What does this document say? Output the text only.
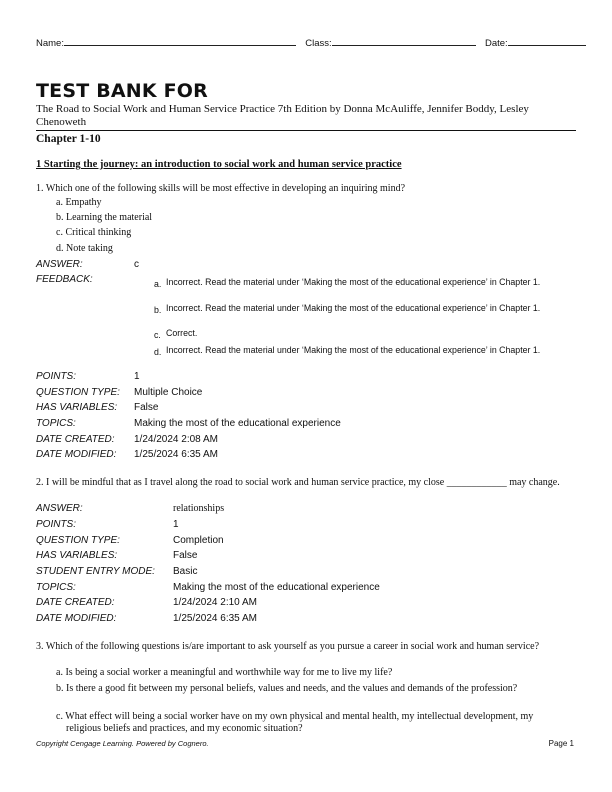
Name:	Class:	Date:
TEST BANK FOR
The Road to Social Work and Human Service Practice 7th Edition by Donna McAuliffe, Jennifer Boddy, Lesley Chenoweth
Chapter 1-10
1 Starting the journey: an introduction to social work and human service practice
1. Which one of the following skills will be most effective in developing an inquiring mind?
a. Empathy
b. Learning the material
c. Critical thinking
d. Note taking
ANSWER:	c
FEEDBACK:	a. Incorrect. Read the material under ‘Making the most of the educational experience’ in Chapter 1.
b. Incorrect. Read the material under ‘Making the most of the educational experience’ in Chapter 1.
c. Correct.
d. Incorrect. Read the material under ‘Making the most of the educational experience’ in Chapter 1.
POINTS:	1
QUESTION TYPE: Multiple Choice
HAS VARIABLES: False
TOPICS:	Making the most of the educational experience
DATE CREATED: 1/24/2024 2:08 AM
DATE MODIFIED: 1/25/2024 6:35 AM
2. I will be mindful that as I travel along the road to social work and human service practice, my close ____________ may change.
ANSWER:	relationships
POINTS:	1
QUESTION TYPE:	Completion
HAS VARIABLES:	False
STUDENT ENTRY MODE: Basic
TOPICS:	Making the most of the educational experience
DATE CREATED:	1/24/2024 2:10 AM
DATE MODIFIED:	1/25/2024 6:35 AM
3. Which of the following questions is/are important to ask yourself as you pursue a career in social work and human service?
a. Is being a social worker a meaningful and worthwhile way for me to live my life?
b. Is there a good fit between my personal beliefs, values and needs, and the values and demands of the profession?
c. What effect will being a social worker have on my own physical and mental health, my intellectual development, my religious beliefs and practices, and my economic situation?
Copyright Cengage Learning. Powered by Cognero.	Page 1
